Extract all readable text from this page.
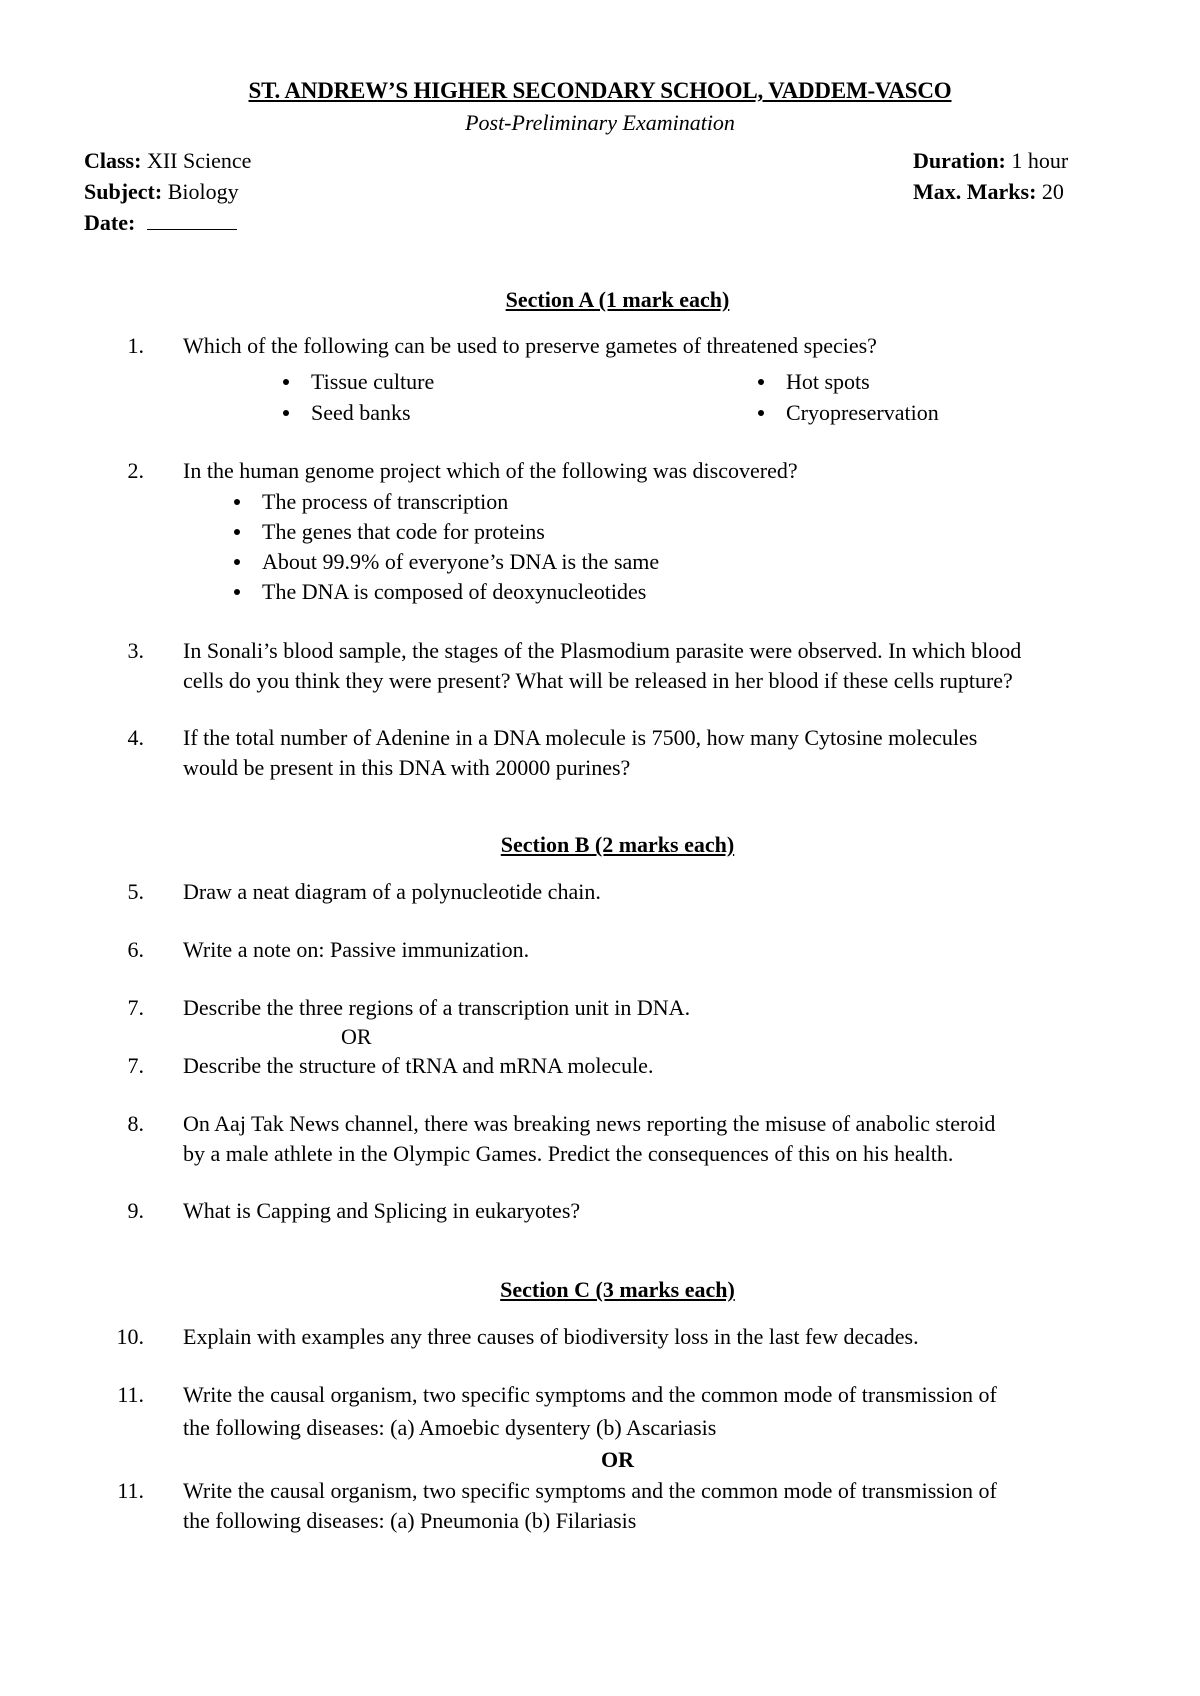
ST. ANDREW’S HIGHER SECONDARY SCHOOL, VADDEM-VASCO
Post-Preliminary Examination
Class: XII Science
Subject: Biology
Date:
Duration: 1 hour
Max. Marks: 20
Section A (1 mark each)
1. Which of the following can be used to preserve gametes of threatened species?
Tissue culture
Seed banks
Hot spots
Cryopreservation
2. In the human genome project which of the following was discovered?
The process of transcription
The genes that code for proteins
About 99.9% of everyone’s DNA is the same
The DNA is composed of deoxynucleotides
3. In Sonali’s blood sample, the stages of the Plasmodium parasite were observed. In which blood
cells do you think they were present? What will be released in her blood if these cells rupture?
4. If the total number of Adenine in a DNA molecule is 7500, how many Cytosine molecules
would be present in this DNA with 20000 purines?
Section B (2 marks each)
5. Draw a neat diagram of a polynucleotide chain.
6. Write a note on: Passive immunization.
7. Describe the three regions of a transcription unit in DNA.
OR
7. Describe the structure of tRNA and mRNA molecule.
8. On Aaj Tak News channel, there was breaking news reporting the misuse of anabolic steroid
by a male athlete in the Olympic Games. Predict the consequences of this on his health.
9. What is Capping and Splicing in eukaryotes?
Section C (3 marks each)
10. Explain with examples any three causes of biodiversity loss in the last few decades.
11. Write the causal organism, two specific symptoms and the common mode of transmission of
the following diseases: (a) Amoebic dysentery (b) Ascariasis
OR
11. Write the causal organism, two specific symptoms and the common mode of transmission of
the following diseases: (a) Pneumonia (b) Filariasis
